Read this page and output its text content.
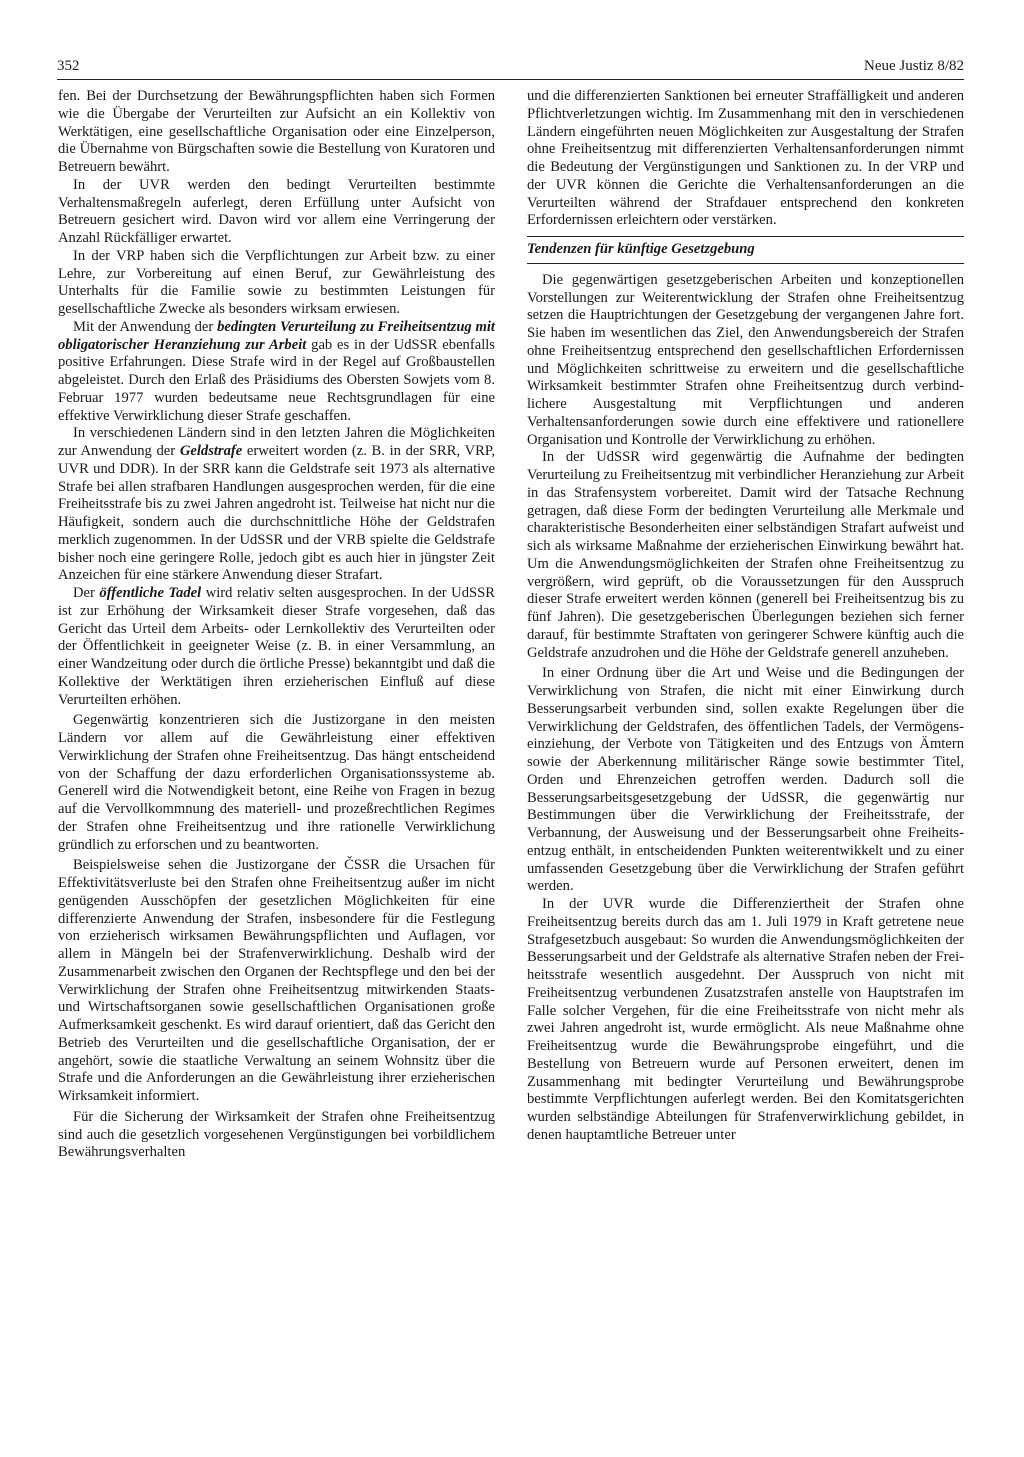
352	Neue Justiz 8/82

fen. Bei der Durchsetzung der Bewährungspflichten haben sich Formen wie die Übergabe der Verurteilten zur Aufsicht an ein Kollektiv von Werktätigen, eine gesellschaftliche Organisation oder eine Einzelperson, die Übernahme von Bürgschaften sowie die Bestellung von Kuratoren und Betreuern bewährt.

In der UVR werden den bedingt Verurteilten bestimmte Verhaltensmaßregeln auferlegt, deren Erfüllung unter Aufsicht von Betreuern gesichert wird. Davon wird vor allem eine Verringerung der Anzahl Rückfälliger erwartet.

In der VRP haben sich die Verpflichtungen zur Arbeit bzw. zu einer Lehre, zur Vorbereitung auf einen Beruf, zur Gewährleistung des Unterhalts für die Familie sowie zu bestimmten Leistungen für gesellschaftliche Zwecke als besonders wirksam erwiesen.

Mit der Anwendung der bedingten Verurteilung zu Freiheitsentzug mit obligatorischer Heranziehung zur Arbeit gab es in der UdSSR ebenfalls positive Erfahrungen. Diese Strafe wird in der Regel auf Großbaustellen abgeleistet. Durch den Erlaß des Präsidiums des Obersten Sowjets vom 8. Februar 1977 wurden bedeutsame neue Rechtsgrundlagen für eine effektive Verwirklichung dieser Strafe geschaffen.

In verschiedenen Ländern sind in den letzten Jahren die Möglichkeiten zur Anwendung der Geldstrafe erweitert worden (z. B. in der SRR, VRP, UVR und DDR). In der SRR kann die Geldstrafe seit 1973 als alternative Strafe bei allen strafbaren Handlungen ausgesprochen werden, für die eine Freiheitsstrafe bis zu zwei Jahren angedroht ist. Teilweise hat nicht nur die Häufigkeit, sondern auch die durchschnittliche Höhe der Geldstrafen merklich zugenommen. In der UdSSR und der VRB spielte die Geldstrafe bisher noch eine geringere Rolle, jedoch gibt es auch hier in jüngster Zeit Anzeichen für eine stärkere Anwendung dieser Strafart.

Der öffentliche Tadel wird relativ selten ausgesprochen. In der UdSSR ist zur Erhöhung der Wirksamkeit dieser Strafe vorgesehen, daß das Gericht das Urteil dem Arbeits- oder Lernkollektiv des Verurteilten oder der Öffentlichkeit in geeigneter Weise (z. B. in einer Versammlung, an einer Wandzeitung oder durch die örtliche Presse) bekanntgibt und daß die Kollektive der Werktätigen ihren erzieherischen Einfluß auf diese Verurteilten erhöhen.

Gegenwärtig konzentrieren sich die Justizorgane in den meisten Ländern vor allem auf die Gewährleistung einer effektiven Verwirklichung der Strafen ohne Freiheitsentzug. Das hängt entscheidend von der Schaffung der dazu erforderlichen Organisationssysteme ab. Generell wird die Notwendigkeit betont, eine Reihe von Fragen in bezug auf die Vervollkommnung des materiell- und prozeßrechtlichen Regimes der Strafen ohne Freiheitsentzug und ihre rationelle Verwirklichung gründlich zu erforschen und zu beantworten.

Beispielsweise sehen die Justizorgane der ČSSR die Ursachen für Effektivitätsverluste bei den Strafen ohne Freiheitsentzug außer im nicht genügenden Ausschöpfen der gesetzlichen Möglichkeiten für eine differenzierte Anwendung der Strafen, insbesondere für die Festlegung von erzieherisch wirksamen Bewährungspflichten und Auflagen, vor allem in Mängeln bei der Strafenverwirklichung. Deshalb wird der Zusammenarbeit zwischen den Organen der Rechtspflege und den bei der Verwirklichung der Strafen ohne Freiheitsentzug mitwirkenden Staats- und Wirtschaftsorganen sowie gesellschaftlichen Organisationen große Aufmerksamkeit geschenkt. Es wird darauf orientiert, daß das Gericht den Betrieb des Verurteilten und die gesellschaftliche Organisation, der er angehört, sowie die staatliche Verwaltung an seinem Wohnsitz über die Strafe und die Anforderungen an die Gewährleistung ihrer erzieherischen Wirksamkeit informiert.

Für die Sicherung der Wirksamkeit der Strafen ohne Freiheitsentzug sind auch die gesetzlich vorgesehenen Vergünstigungen bei vorbildlichem Bewährungsverhalten

und die differenzierten Sanktionen bei erneuter Straffälligkeit und anderen Pflichtverletzungen wichtig. Im Zusammenhang mit den in verschiedenen Ländern eingeführten neuen Möglichkeiten zur Ausgestaltung der Strafen ohne Freiheitsentzug mit differenzierten Verhaltensanforderungen nimmt die Bedeutung der Vergünstigungen und Sanktionen zu. In der VRP und der UVR können die Gerichte die Verhaltensanforderungen an die Verurteilten während der Strafdauer entsprechend den konkreten Erfordernissen erleichtern oder verstärken.

Tendenzen für künftige Gesetzgebung

Die gegenwärtigen gesetzgeberischen Arbeiten und konzeptionellen Vorstellungen zur Weiterentwicklung der Strafen ohne Freiheitsentzug setzen die Hauptrichtungen der Gesetzgebung der vergangenen Jahre fort. Sie haben im wesentlichen das Ziel, den Anwendungsbereich der Strafen ohne Freiheitsentzug entsprechend den gesellschaftlichen Erfordernissen und Möglichkeiten schrittweise zu erweitern und die gesellschaftliche Wirksamkeit bestimmter Strafen ohne Freiheitsentzug durch verbindlichere Ausgestaltung mit Verpflichtungen und anderen Verhaltensanforderungen sowie durch eine effektivere und rationellere Organisation und Kontrolle der Verwirklichung zu erhöhen.

In der UdSSR wird gegenwärtig die Aufnahme der bedingten Verurteilung zu Freiheitsentzug mit verbindlicher Heranziehung zur Arbeit in das Strafensystem vorbereitet. Damit wird der Tatsache Rechnung getragen, daß diese Form der bedingten Verurteilung alle Merkmale und charakteristische Besonderheiten einer selbständigen Strafart aufweist und sich als wirksame Maßnahme der erzieherischen Einwirkung bewährt hat. Um die Anwendungsmöglichkeiten der Strafen ohne Freiheitsentzug zu vergrößern, wird geprüft, ob die Voraussetzungen für den Ausspruch dieser Strafe erweitert werden können (generell bei Freiheitsentzug bis zu fünf Jahren). Die gesetzgeberischen Überlegungen beziehen sich ferner darauf, für bestimmte Straftaten von geringerer Schwere künftig auch die Geldstrafe anzudrohen und die Höhe der Geldstrafe generell anzuheben.

In einer Ordnung über die Art und Weise und die Bedingungen der Verwirklichung von Strafen, die nicht mit einer Einwirkung durch Besserungsarbeit verbunden sind, sollen exakte Regelungen über die Verwirklichung der Geldstrafen, des öffentlichen Tadels, der Vermögenseinziehung, der Verbote von Tätigkeiten und des Entzugs von Ämtern sowie der Aberkennung militärischer Ränge sowie bestimmter Titel, Orden und Ehrenzeichen getroffen werden. Dadurch soll die Besserungsarbeitsgesetzgebung der UdSSR, die gegenwärtig nur Bestimmungen über die Verwirklichung der Freiheitsstrafe, der Verbannung, der Ausweisung und der Besserungsarbeit ohne Freiheitsentzug enthält, in entscheidenden Punkten weiterentwikkelt und zu einer umfassenden Gesetzgebung über die Verwirklichung der Strafen geführt werden.

In der UVR wurde die Differenziertheit der Strafen ohne Freiheitsentzug bereits durch das am 1. Juli 1979 in Kraft getretene neue Strafgesetzbuch ausgebaut: So wurden die Anwendungsmöglichkeiten der Besserungsarbeit und der Geldstrafe als alternative Strafen neben der Freiheitsstrafe wesentlich ausgedehnt. Der Ausspruch von nicht mit Freiheitsentzug verbundenen Zusatzstrafen anstelle von Hauptstrafen im Falle solcher Vergehen, für die eine Freiheitsstrafe von nicht mehr als zwei Jahren angedroht ist, wurde ermöglicht. Als neue Maßnahme ohne Freiheitsentzug wurde die Bewährungsprobe eingeführt, und die Bestellung von Betreuern wurde auf Personen erweitert, denen im Zusammenhang mit bedingter Verurteilung und Bewährungsprobe bestimmte Verpflichtungen auferlegt werden. Bei den Komitatsgerichten wurden selbständige Abteilungen für Strafenverwirklichung gebildet, in denen hauptamtliche Betreuer unter
